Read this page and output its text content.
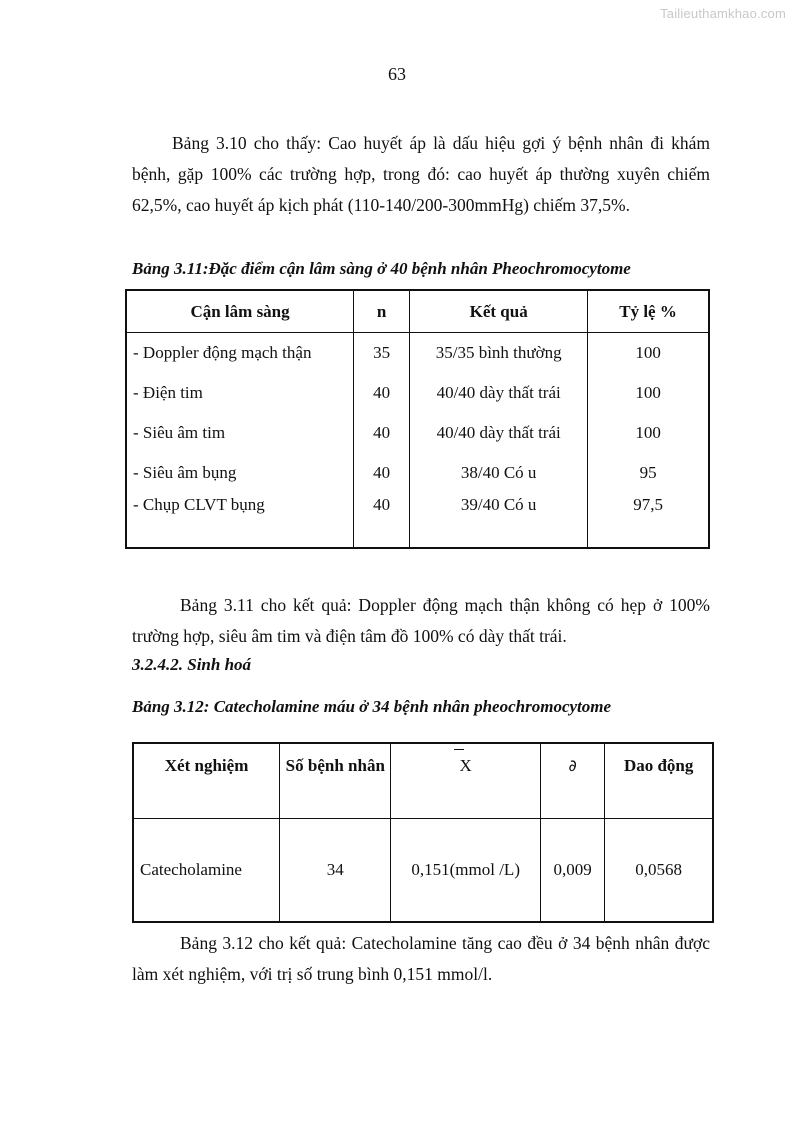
Tailieuthamkhao.com
63

Bảng 3.10 cho thấy: Cao huyết áp là dấu hiệu gợi ý bệnh nhân đi khám bệnh, gặp 100% các trường hợp, trong đó: cao huyết áp thường xuyên chiếm 62,5%, cao huyết áp kịch phát (110-140/200-300mmHg) chiếm 37,5%.

Bảng 3.11:Đặc điểm cận lâm sàng ở 40 bệnh nhân Pheochromocytome

Cận lâm sàng	n	Kết quả	Tỷ lệ %
- Doppler động mạch thận	35	35/35 bình thường	100
- Điện tim	40	40/40 dày thất trái	100
- Siêu âm tim	40	40/40 dày thất trái	100
- Siêu âm bụng	40	38/40 Có u	95
- Chụp CLVT bụng	40	39/40 Có u	97,5

Bảng 3.11 cho kết quả: Doppler động mạch thận không có hẹp ở 100% trường hợp, siêu âm tim và điện tâm đồ 100% có dày thất trái.

3.2.4.2. Sinh hoá

Bảng 3.12: Catecholamine máu ở 34 bệnh nhân pheochromocytome

Xét nghiệm	Số bệnh nhân	X	∂	Dao động
Catecholamine	34	0,151(mmol /L)	0,009	0,0568

Bảng 3.12 cho kết quả: Catecholamine tăng cao đều ở 34 bệnh nhân được làm xét nghiệm, với trị số trung bình 0,151 mmol/l.
